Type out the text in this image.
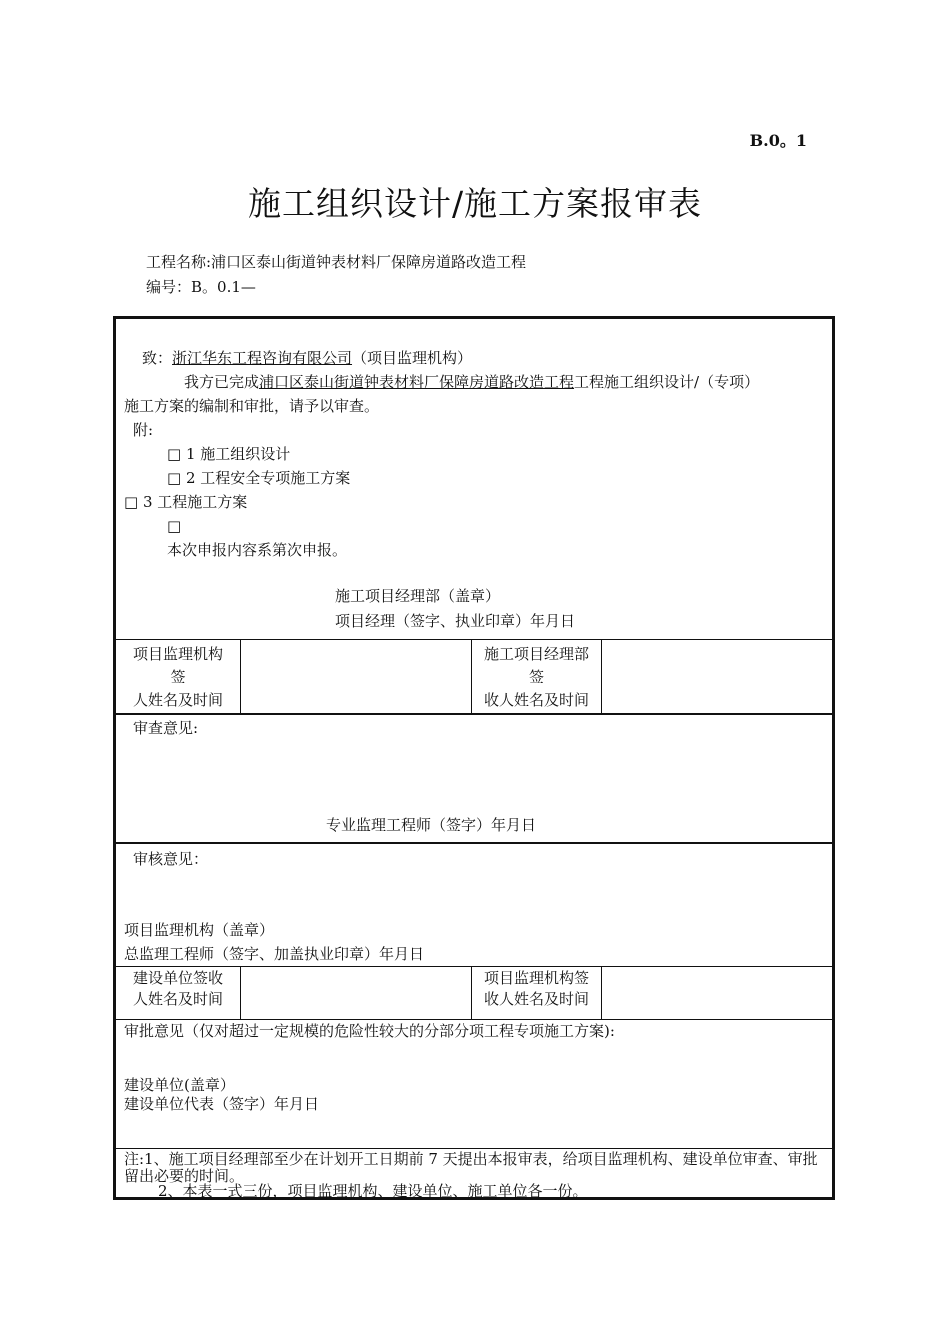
B.0。1
施工组织设计/施工方案报审表
工程名称:浦口区泰山街道钟表材料厂保障房道路改造工程
编号：B。0.1—
致：浙江华东工程咨询有限公司（项目监理机构）
我方已完成浦口区泰山街道钟表材料厂保障房道路改造工程工程施工组织设计/（专项）
施工方案的编制和审批，请予以审查。
附:
□ 1 施工组织设计
□ 2 工程安全专项施工方案
□ 3 工程施工方案
□
本次申报内容系第次申报。
施工项目经理部（盖章）
项目经理（签字、执业印章）年月日
项目监理机构
签
人姓名及时间
施工项目经理部
签
收人姓名及时间
审查意见:
专业监理工程师（签字）年月日
审核意见：
项目监理机构（盖章）
总监理工程师（签字、加盖执业印章）年月日
建设单位签收
人姓名及时间
项目监理机构签
收人姓名及时间
审批意见（仅对超过一定规模的危险性较大的分部分项工程专项施工方案):
建设单位(盖章）
建设单位代表（签字）年月日
注:1、施工项目经理部至少在计划开工日期前 7 天提出本报审表，给项目监理机构、建设单位审查、审批留出必要的时间。
2、本表一式三份，项目监理机构、建设单位、施工单位各一份。
